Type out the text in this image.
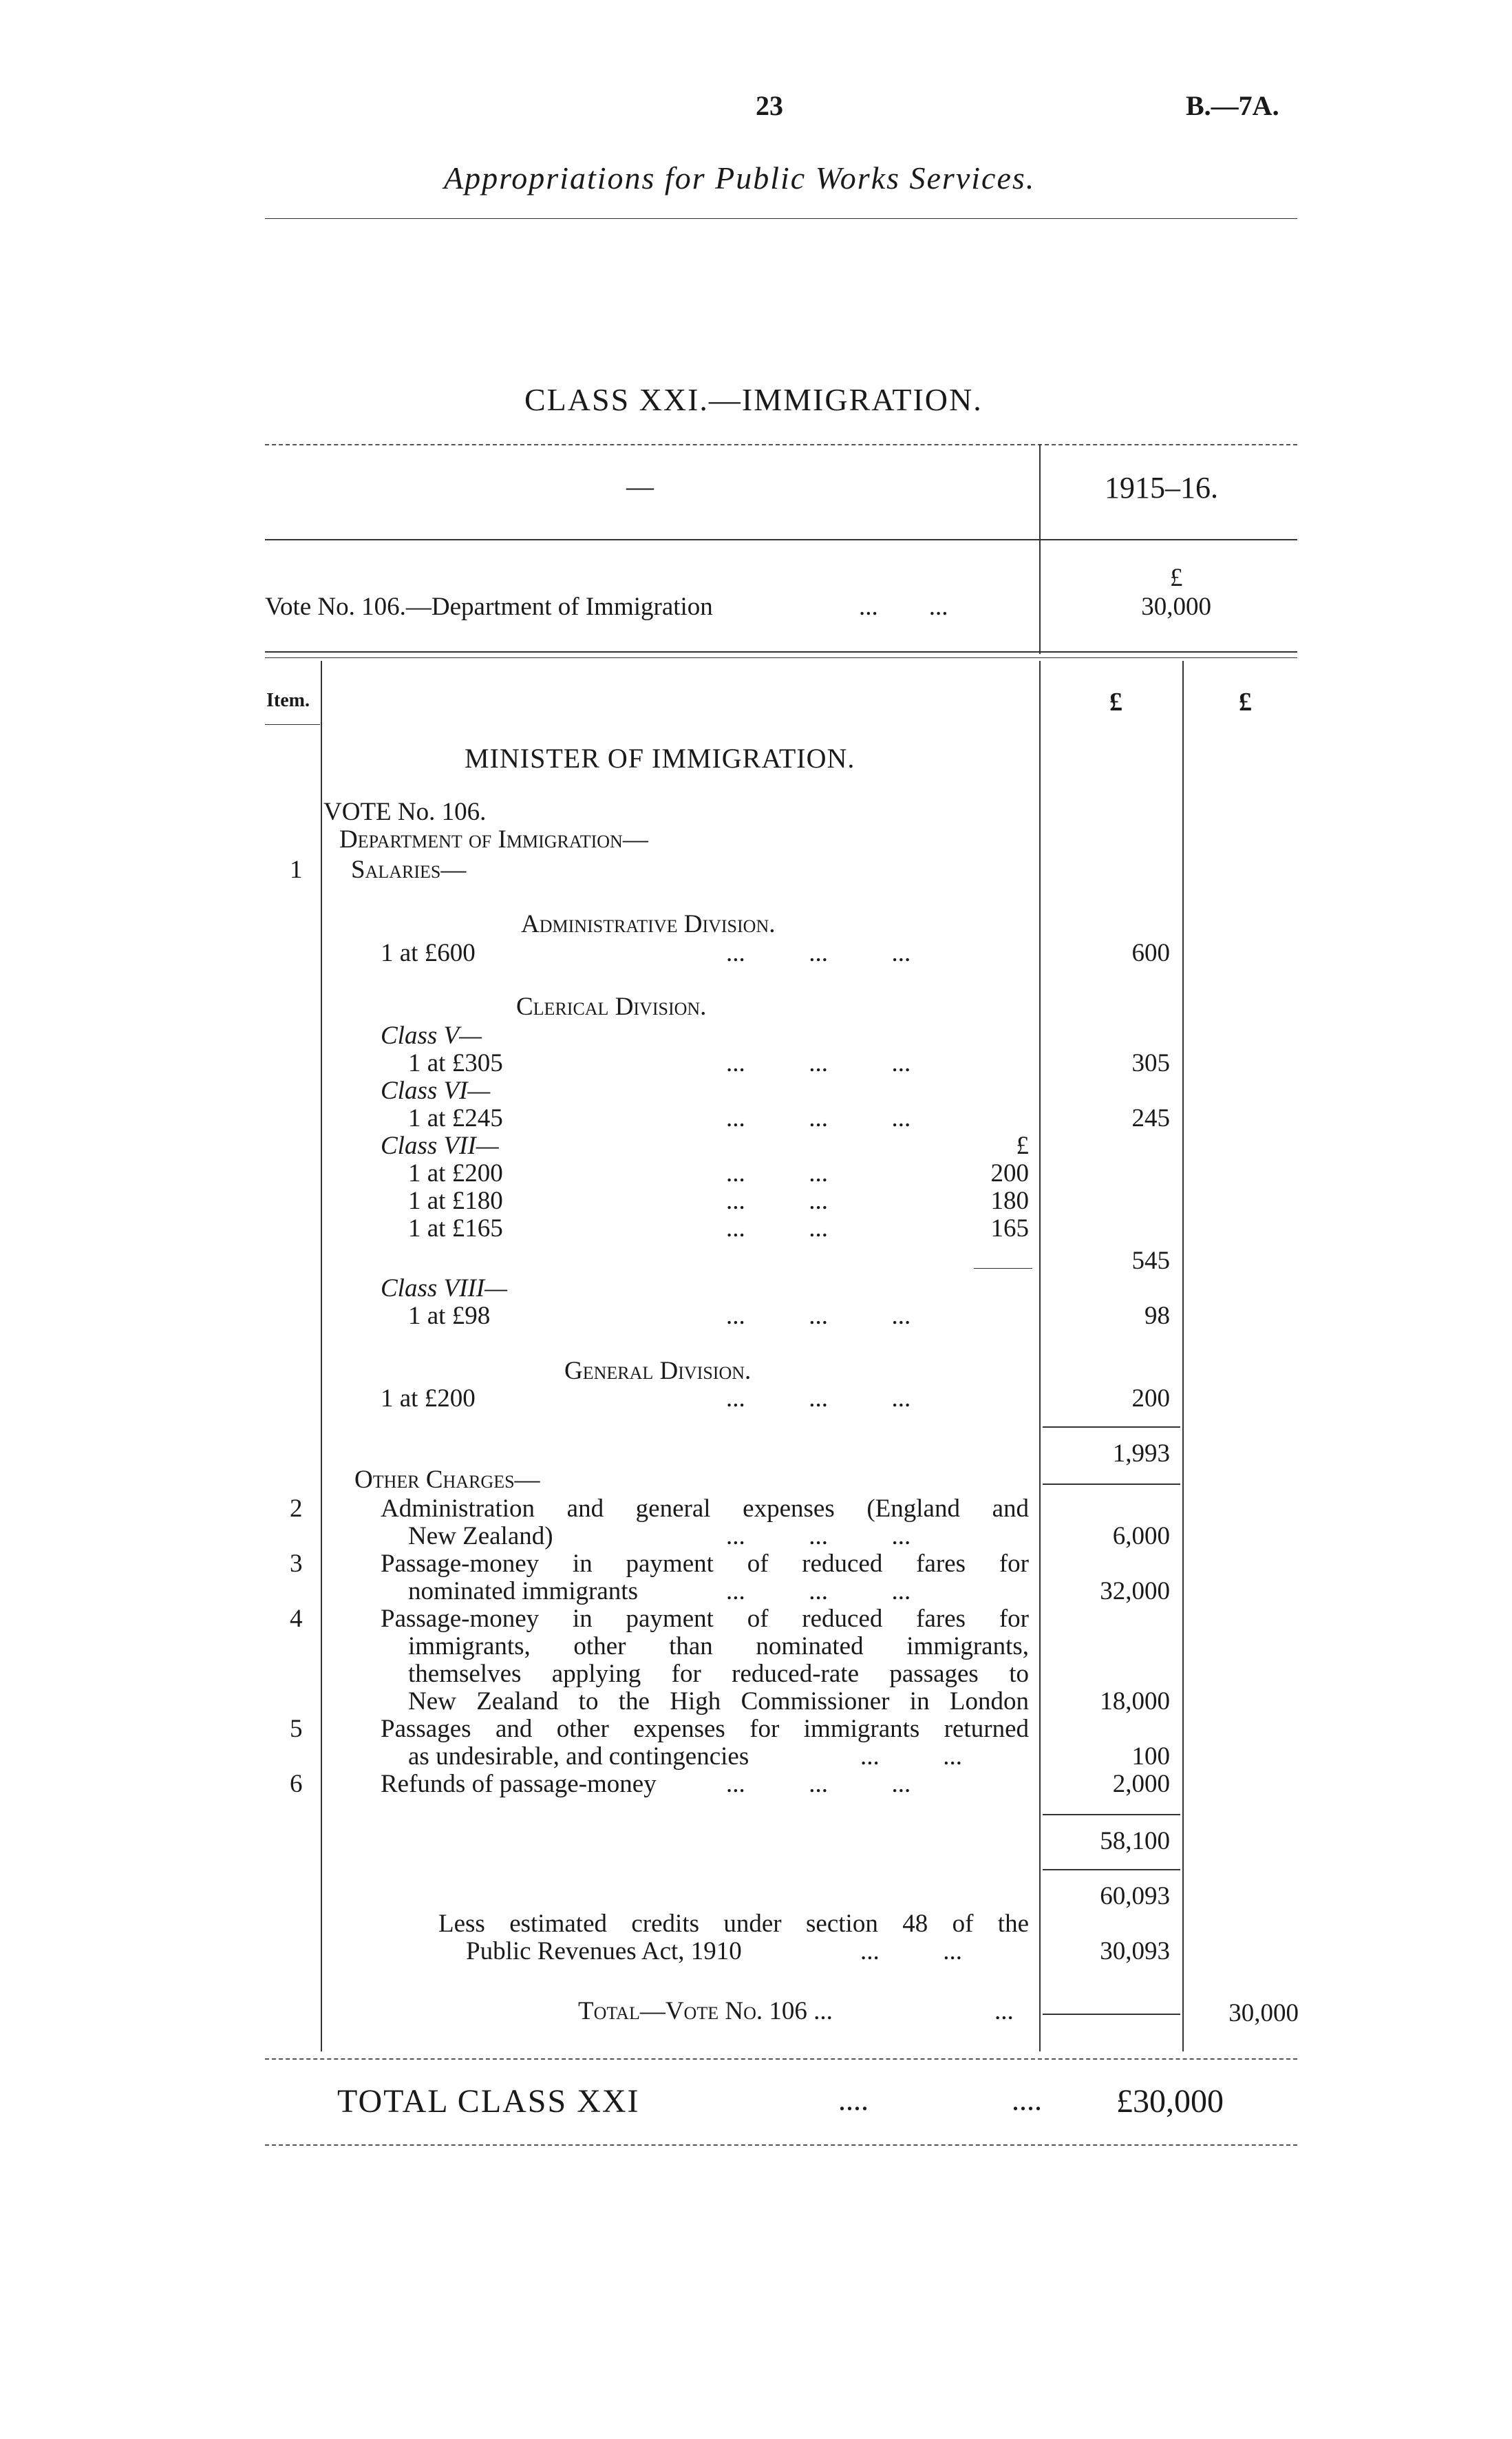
23	B.—7A.
Appropriations for Public Works Services.
CLASS XXI.—IMMIGRATION.
—	1915–16.
£
Vote No. 106.—Department of Immigration	...        ...	30,000
Item.	£	£
MINISTER OF IMMIGRATION.
VOTE No. 106.
Department of Immigration—
1 Salaries—
Administrative Division.
1 at £600	...          ...          ...	600
Clerical Division.
Class V—
1 at £305	...          ...          ...	305
Class VI—
1 at £245	...          ...          ...	245
Class VII—	£
1 at £200	...          ...	200
1 at £180	...          ...	180
1 at £165	...          ...	165
545
Class VIII—
1 at £98	...          ...          ...	98
General Division.
1 at £200	...          ...          ...	200
1,993
Other Charges—
2	Administration and general expenses (England and
New Zealand)	...          ...          ...	6,000
3	Passage-money in payment of reduced fares for
nominated immigrants	...          ...          ...	32,000
4	Passage-money in payment of reduced fares for
immigrants, other than nominated immigrants,
themselves applying for reduced-rate passages to
New Zealand to the High Commissioner in London	18,000
5	Passages and other expenses for immigrants returned
as undesirable, and contingencies	...          ...	100
6	Refunds of passage-money	...          ...          ...	2,000
58,100
60,093
Less estimated credits under section 48 of the
Public Revenues Act, 1910	...          ...	30,093
Total—Vote No. 106 ...	...	30,000
TOTAL CLASS XXI	....	.... £30,000
